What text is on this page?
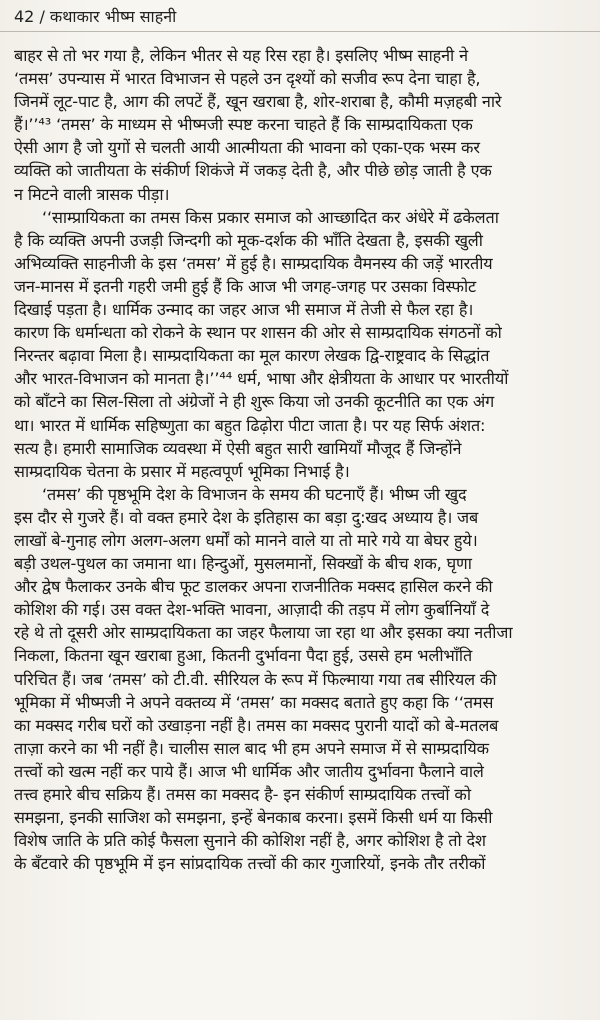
42 / कथाकार भीष्म साहनी
बाहर से तो भर गया है, लेकिन भीतर से यह रिस रहा है। इसलिए भीष्म साहनी ने
‘तमस’ उपन्यास में भारत विभाजन से पहले उन दृश्यों को सजीव रूप देना चाहा है,
जिनमें लूट-पाट है, आग की लपटें हैं, खून खराबा है, शोर-शराबा है, कौमी मज़हबी नारे
हैं।’’⁴³ ‘तमस’ के माध्यम से भीष्मजी स्पष्ट करना चाहते हैं कि साम्प्रदायिकता एक
ऐसी आग है जो युगों से चलती आयी आत्मीयता की भावना को एका-एक भस्म कर
व्यक्ति को जातीयता के संकीर्ण शिकंजे में जकड़ देती है, और पीछे छोड़ जाती है एक
न मिटने वाली त्रासक पीड़ा।
‘‘साम्प्रायिकता का तमस किस प्रकार समाज को आच्छादित कर अंधेरे में ढकेलता
है कि व्यक्ति अपनी उजड़ी जिन्दगी को मूक-दर्शक की भाँति देखता है, इसकी खुली
अभिव्यक्ति साहनीजी के इस ‘तमस’ में हुई है। साम्प्रदायिक वैमनस्य की जड़ें भारतीय
जन-मानस में इतनी गहरी जमी हुई हैं कि आज भी जगह-जगह पर उसका विस्फोट
दिखाई पड़ता है। धार्मिक उन्माद का जहर आज भी समाज में तेजी से फैल रहा है।
कारण कि धर्मान्धता को रोकने के स्थान पर शासन की ओर से साम्प्रदायिक संगठनों को
निरन्तर बढ़ावा मिला है। साम्प्रदायिकता का मूल कारण लेखक द्वि-राष्ट्रवाद के सिद्धांत
और भारत-विभाजन को मानता है।’’⁴⁴ धर्म, भाषा और क्षेत्रीयता के आधार पर भारतीयों
को बाँटने का सिल-सिला तो अंग्रेजों ने ही शुरू किया जो उनकी कूटनीति का एक अंग
था। भारत में धार्मिक सहिष्णुता का बहुत ढिढ़ोरा पीटा जाता है। पर यह सिर्फ अंशत:
सत्य है। हमारी सामाजिक व्यवस्था में ऐसी बहुत सारी खामियाँ मौजूद हैं जिन्होंने
साम्प्रदायिक चेतना के प्रसार में महत्वपूर्ण भूमिका निभाई है।
‘तमस’ की पृष्ठभूमि देश के विभाजन के समय की घटनाएँ हैं। भीष्म जी खुद
इस दौर से गुजरे हैं। वो वक्त हमारे देश के इतिहास का बड़ा दु:खद अध्याय है। जब
लाखों बे-गुनाह लोग अलग-अलग धर्मों को मानने वाले या तो मारे गये या बेघर हुये।
बड़ी उथल-पुथल का जमाना था। हिन्दुओं, मुसलमानों, सिक्खों के बीच शक, घृणा
और द्वेष फैलाकर उनके बीच फूट डालकर अपना राजनीतिक मक्सद हासिल करने की
कोशिश की गई। उस वक्त देश-भक्ति भावना, आज़ादी की तड़प में लोग कुर्बानियाँ दे
रहे थे तो दूसरी ओर साम्प्रदायिकता का जहर फैलाया जा रहा था और इसका क्या नतीजा
निकला, कितना खून खराबा हुआ, कितनी दुर्भावना पैदा हुई, उससे हम भलीभाँति
परिचित हैं। जब ‘तमस’ को टी.वी. सीरियल के रूप में फिल्माया गया तब सीरियल की
भूमिका में भीष्मजी ने अपने वक्तव्य में ‘तमस’ का मक्सद बताते हुए कहा कि ‘‘तमस
का मक्सद गरीब घरों को उखाड़ना नहीं है। तमस का मक्सद पुरानी यादों को बे-मतलब
ताज़ा करने का भी नहीं है। चालीस साल बाद भी हम अपने समाज में से साम्प्रदायिक
तत्त्वों को खत्म नहीं कर पाये हैं। आज भी धार्मिक और जातीय दुर्भावना फैलाने वाले
तत्त्व हमारे बीच सक्रिय हैं। तमस का मक्सद है- इन संकीर्ण साम्प्रदायिक तत्त्वों को
समझना, इनकी साजिश को समझना, इन्हें बेनकाब करना। इसमें किसी धर्म या किसी
विशेष जाति के प्रति कोई फैसला सुनाने की कोशिश नहीं है, अगर कोशिश है तो देश
के बँटवारे की पृष्ठभूमि में इन सांप्रदायिक तत्त्वों की कार गुजारियों, इनके तौर तरीकों
